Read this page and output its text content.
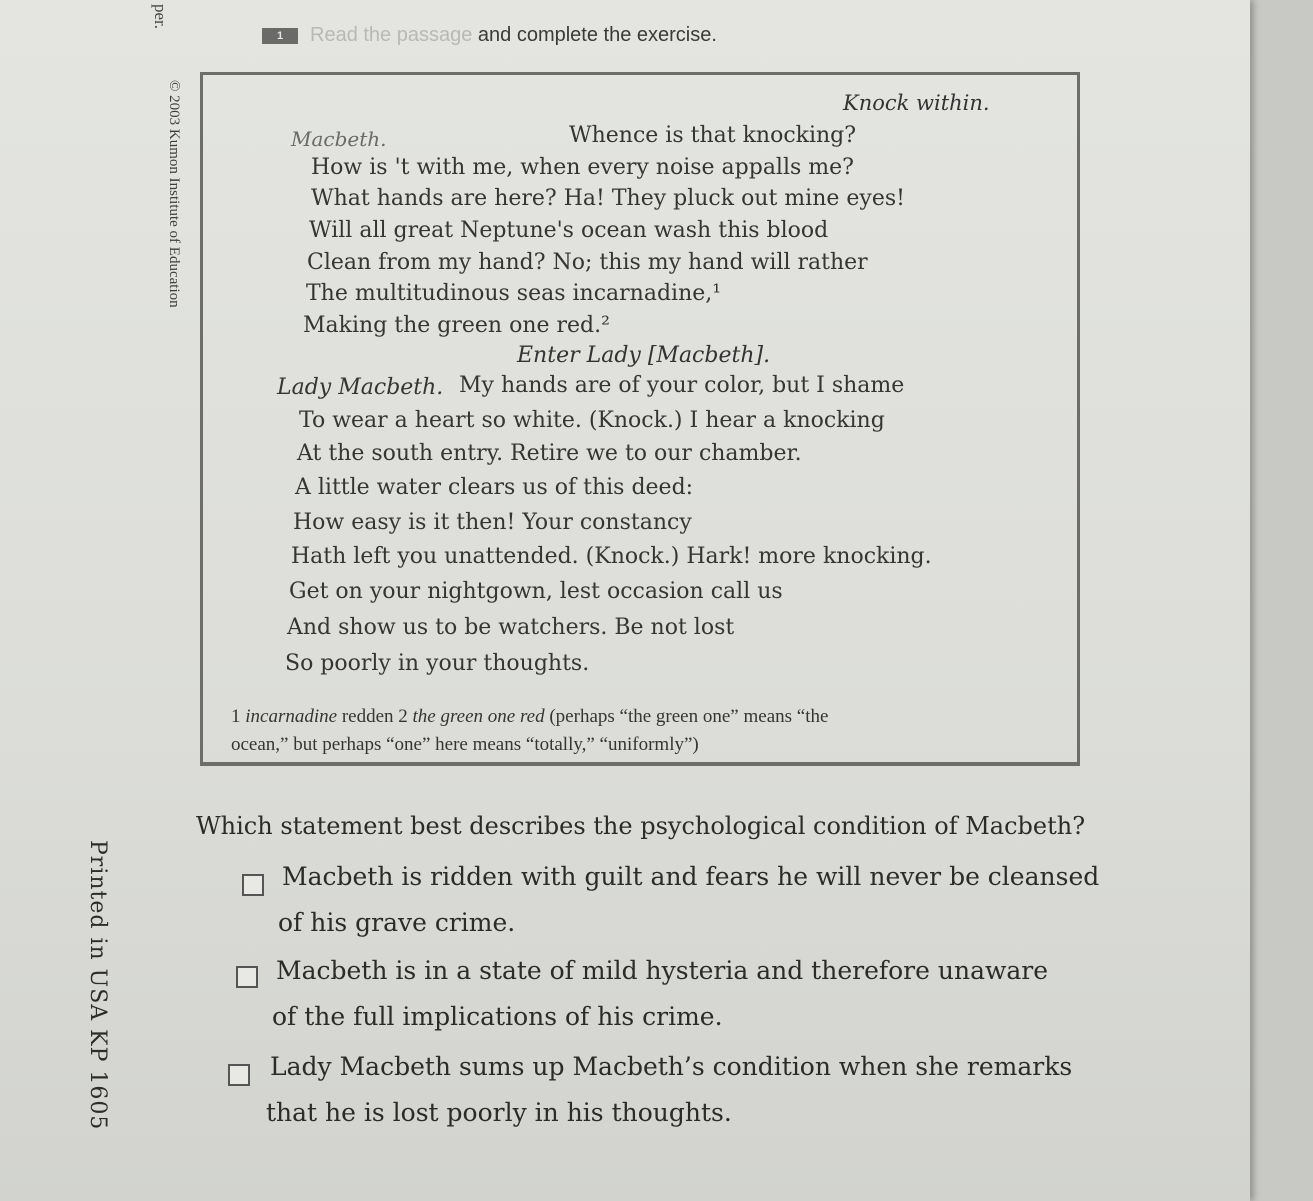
per.
© 2003 Kumon Institute of Education
Printed in USA KP 1605
1	Read the passage and complete the exercise.
Knock within.
Macbeth.	Whence is that knocking?
How is 't with me, when every noise appalls me?
What hands are here? Ha! They pluck out mine eyes!
Will all great Neptune's ocean wash this blood
Clean from my hand? No; this my hand will rather
The multitudinous seas incarnadine,¹
Making the green one red.²
Enter Lady [Macbeth].
Lady Macbeth. My hands are of your color, but I shame
To wear a heart so white. (Knock.) I hear a knocking
At the south entry. Retire we to our chamber.
A little water clears us of this deed:
How easy is it then! Your constancy
Hath left you unattended. (Knock.) Hark! more knocking.
Get on your nightgown, lest occasion call us
And show us to be watchers. Be not lost
So poorly in your thoughts.
1 incarnadine redden 2 the green one red (perhaps “the green one” means “the
ocean,” but perhaps “one” here means “totally,” “uniformly”)
Which statement best describes the psychological condition of Macbeth?
Macbeth is ridden with guilt and fears he will never be cleansed
of his grave crime.
Macbeth is in a state of mild hysteria and therefore unaware
of the full implications of his crime.
Lady Macbeth sums up Macbeth’s condition when she remarks
that he is lost poorly in his thoughts.
